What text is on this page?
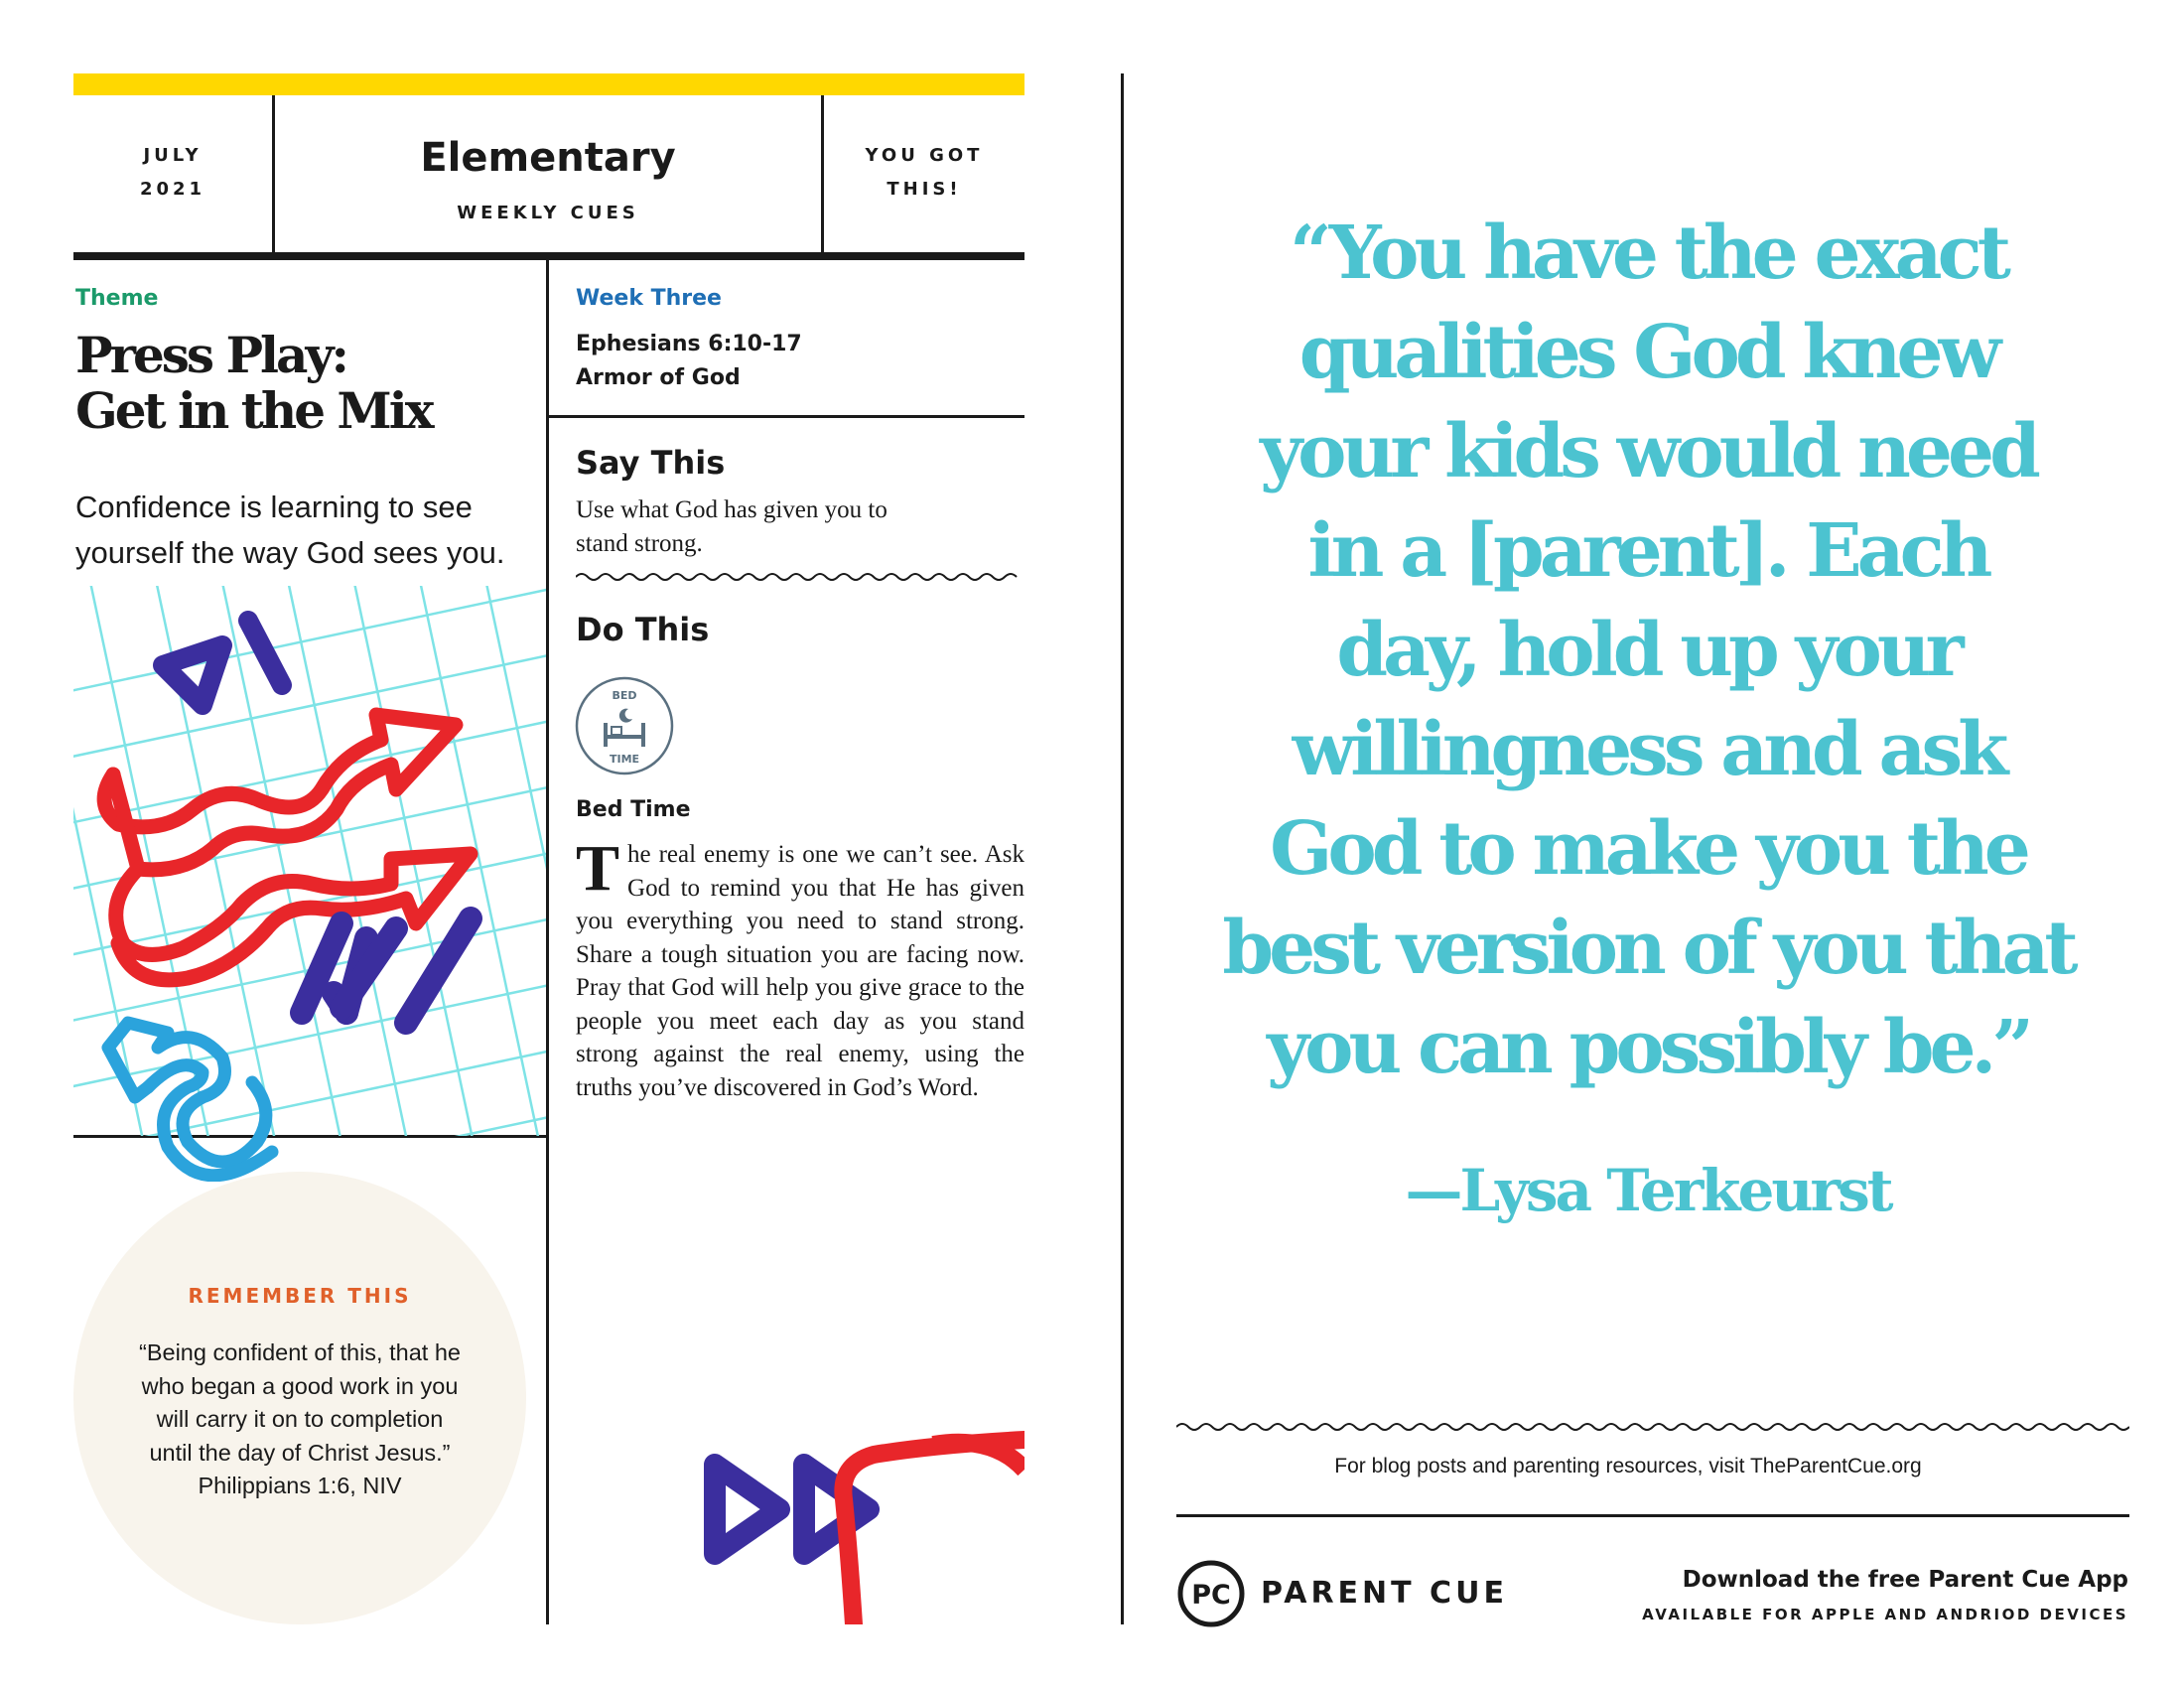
JULY
2021
Elementary
WEEKLY CUES
YOU GOT
THIS!
Theme
Press Play:
Get in the Mix
Confidence is learning to see
yourself the way God sees you.
REMEMBER THIS
“Being confident of this, that he
who began a good work in you
will carry it on to completion
until the day of Christ Jesus.”
Philippians 1:6, NIV
Week Three
Ephesians 6:10-17
Armor of God
Say This
Use what God has given you to
stand strong.
Do This
BED
TIME
Bed Time
The real enemy is one we can’t see. Ask God to remind you that He has given you everything you need to stand strong. Share a tough situation you are facing now. Pray that God will help you give grace to the people you meet each day as you stand strong against the real enemy, using the truths you’ve discovered in God’s Word.
“You have the exact
qualities God knew
your kids would need
in a [parent]. Each
day, hold up your
willingness and ask
God to make you the
best version of you that
you can possibly be.”
—Lysa Terkeurst
For blog posts and parenting resources, visit TheParentCue.org
PC PARENT CUE	Download the free Parent Cue App
AVAILABLE FOR APPLE AND ANDRIOD DEVICES
